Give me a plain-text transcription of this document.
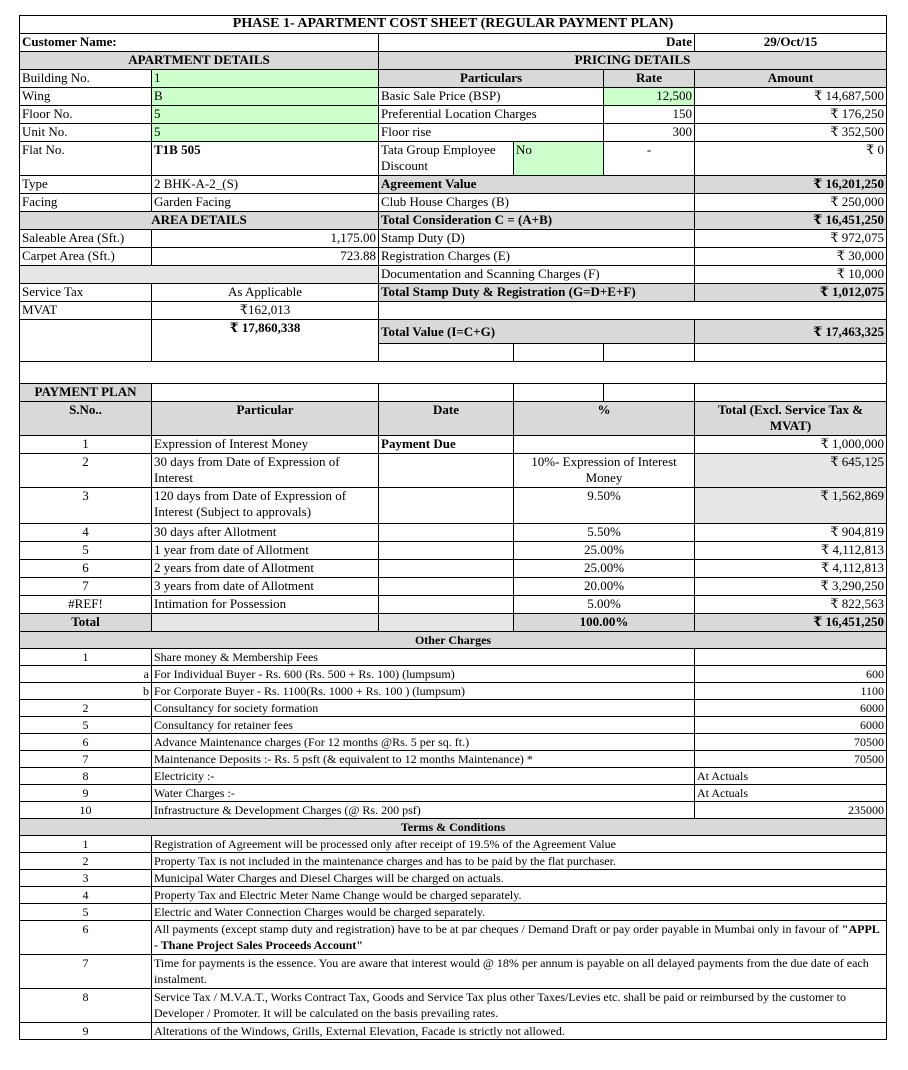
PHASE 1- APARTMENT COST SHEET (REGULAR PAYMENT PLAN)					
Customer Name:		Date			29/Oct/15
APARTMENT DETAILS		PRICING DETAILS			
Building No.	1	Particulars		Rate	Amount
Wing	B	Basic Sale Price (BSP)		12,500	₹ 14,687,500
Floor No.	5	Preferential Location Charges		150	₹ 176,250
Unit No.	5	Floor rise		300	₹ 352,500
Flat No.	T1B 505	Tata Group Employee Discount	No	-	₹ 0
Type	2 BHK-A-2_(S)	Agreement Value			₹ 16,201,250
Facing	Garden Facing	Club House Charges (B)			₹ 250,000
AREA DETAILS		Total Consideration C = (A+B)			₹ 16,451,250
Saleable Area (Sft.)	1,175.00	Stamp Duty (D)			₹ 972,075
Carpet Area (Sft.)	723.88	Registration Charges (E)			₹ 30,000
		Documentation and Scanning Charges (F)			₹ 10,000
Service Tax	As Applicable	Total Stamp Duty & Registration (G=D+E+F)			₹ 1,012,075
MVAT	₹162,013				
	₹ 17,860,338	Total Value (I=C+G)			₹ 17,463,325

PAYMENT PLAN					
S.No..	Particular	Date	%		Total (Excl. Service Tax & MVAT)
1	Expression of Interest Money	Payment Due			₹ 1,000,000
2	30 days from Date of Expression of Interest		10%- Expression of Interest Money		₹ 645,125
3	120 days from Date of Expression of Interest (Subject to approvals)		9.50%		₹ 1,562,869
4	30 days after Allotment		5.50%		₹ 904,819
5	1 year from date of Allotment		25.00%		₹ 4,112,813
6	2 years from date of Allotment		25.00%		₹ 4,112,813
7	3 years from date of Allotment		20.00%		₹ 3,290,250
#REF!	Intimation for Possession		5.00%		₹ 822,563
Total			100.00%		₹ 16,451,250
Other Charges					
1	Share money & Membership Fees				
a	For Individual Buyer - Rs. 600 (Rs. 500 + Rs. 100) (lumpsum)				600
b	For Corporate Buyer - Rs. 1100(Rs. 1000 + Rs. 100 ) (lumpsum)				1100
2	Consultancy for society formation				6000
5	Consultancy for retainer fees				6000
6	Advance Maintenance charges (For 12 months @Rs. 5 per sq. ft.)				70500
7	Maintenance Deposits :- Rs. 5 psft (& equivalent to 12 months Maintenance) *				70500
8	Electricity :-				At Actuals
9	Water Charges :-				At Actuals
10	Infrastructure & Development Charges (@ Rs. 200 psf)				235000
Terms & Conditions					
1	Registration of Agreement will be processed only after receipt of 19.5% of the Agreement Value				
2	Property Tax is not included in the maintenance charges and has to be paid by the flat purchaser.				
3	Municipal Water Charges and Diesel Charges will be charged on actuals.				
4	Property Tax and Electric Meter Name Change would be charged separately.				
5	Electric and Water Connection Charges would be charged separately.				
6	All payments (except stamp duty and registration) have to be at par cheques / Demand Draft or pay order payable in Mumbai only in favour of "APPL - Thane Project Sales Proceeds Account"				
7	Time for payments is the essence. You are aware that interest would @ 18% per annum is payable on all delayed payments from the due date of each instalment.				
8	Service Tax / M.V.A.T., Works Contract Tax, Goods and Service Tax plus other Taxes/Levies etc. shall be paid or reimbursed by the customer to Developer / Promoter. It will be calculated on the basis prevailing rates.				
9	Alterations of the Windows, Grills, External Elevation, Facade is strictly not allowed.				
